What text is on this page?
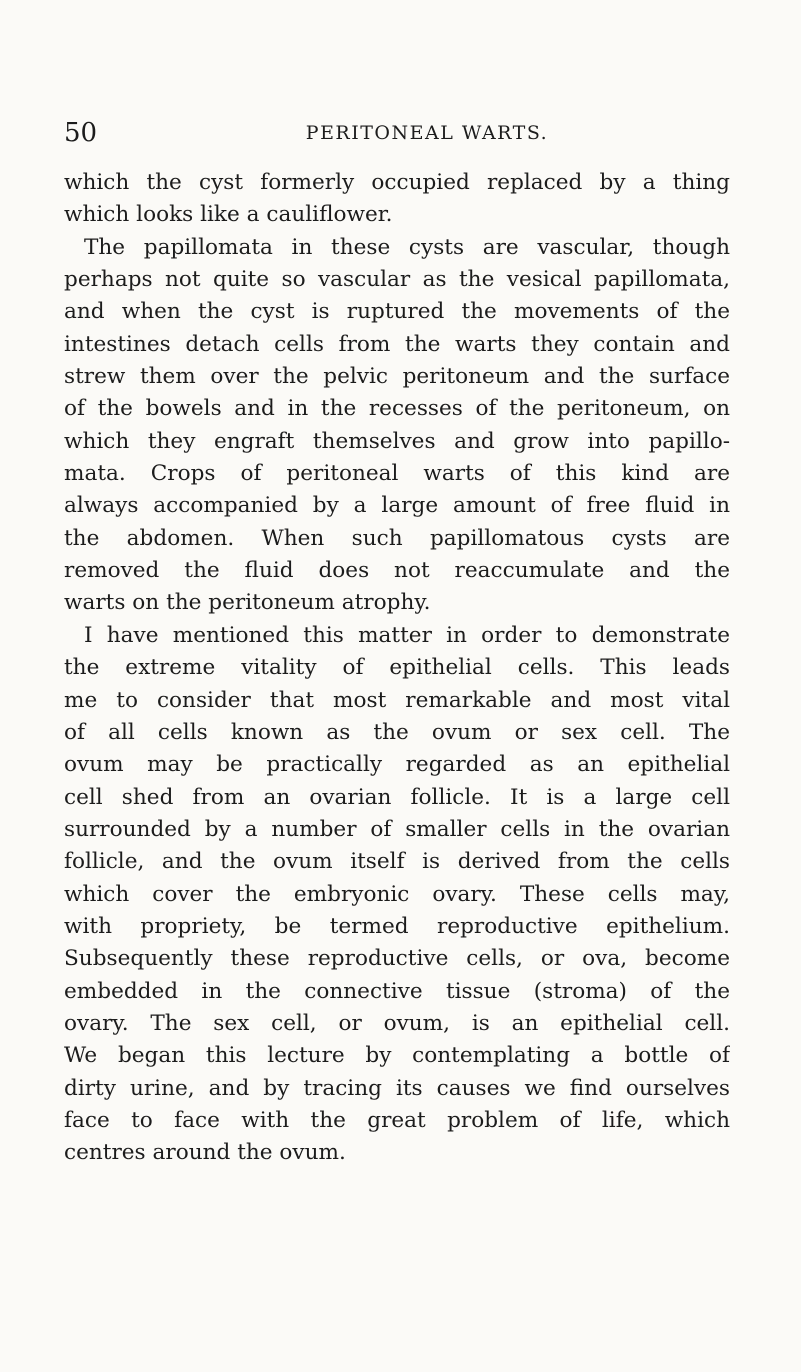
50	PERITONEAL WARTS.
which the cyst formerly occupied replaced by a thing
which looks like a cauliflower.
The papillomata in these cysts are vascular, though
perhaps not quite so vascular as the vesical papillomata,
and when the cyst is ruptured the movements of the
intestines detach cells from the warts they contain and
strew them over the pelvic peritoneum and the surface
of the bowels and in the recesses of the peritoneum, on
which they engraft themselves and grow into papillo-
mata. Crops of peritoneal warts of this kind are
always accompanied by a large amount of free fluid in
the abdomen. When such papillomatous cysts are
removed the fluid does not reaccumulate and the
warts on the peritoneum atrophy.
I have mentioned this matter in order to demonstrate
the extreme vitality of epithelial cells. This leads
me to consider that most remarkable and most vital
of all cells known as the ovum or sex cell. The
ovum may be practically regarded as an epithelial
cell shed from an ovarian follicle. It is a large cell
surrounded by a number of smaller cells in the ovarian
follicle, and the ovum itself is derived from the cells
which cover the embryonic ovary. These cells may,
with propriety, be termed reproductive epithelium.
Subsequently these reproductive cells, or ova, become
embedded in the connective tissue (stroma) of the
ovary. The sex cell, or ovum, is an epithelial cell.
We began this lecture by contemplating a bottle of
dirty urine, and by tracing its causes we find ourselves
face to face with the great problem of life, which
centres around the ovum.
